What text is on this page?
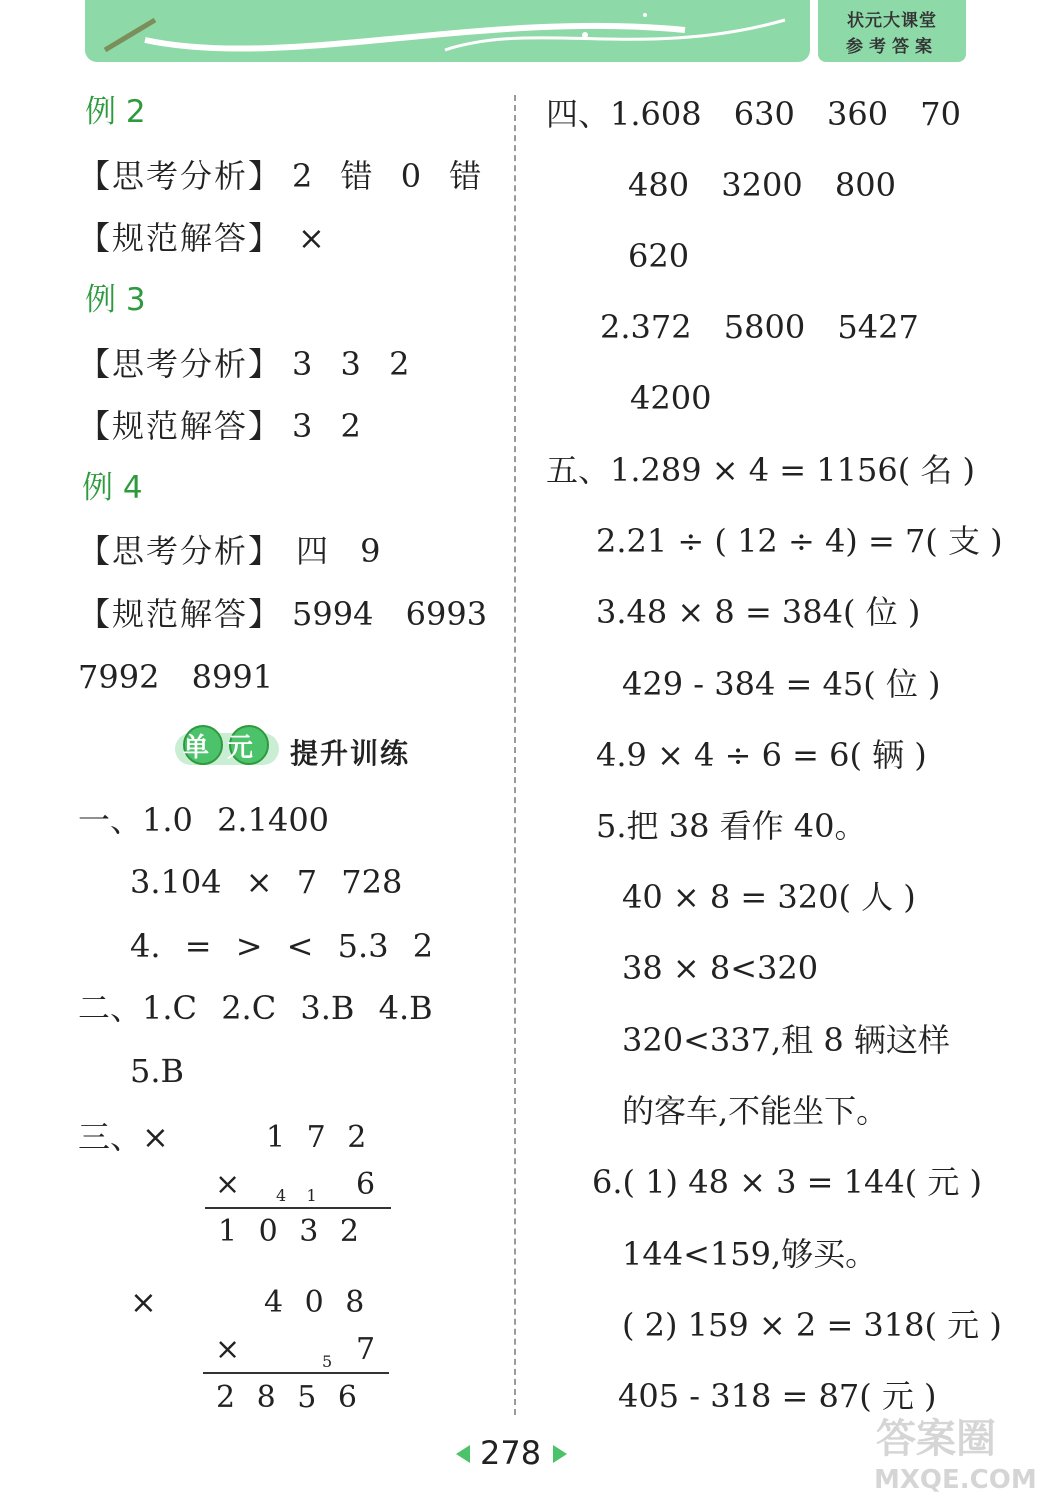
状元大课堂
参考答案
例 2
【思考分析】 2 错 0 错
【规范解答】 ×
例 3
【思考分析】 3 3 2
【规范解答】 3 2
例 4
【思考分析】 四 9
【规范解答】 5994 6993
7992 8991
单元 提升训练
一、1.0 2.1400
3.104 × 7 728
4. = > < 5.3 2
二、1.C 2.C 3.B 4.B
5.B
三、×	1 7 2
× 4    1 6
1 0 3 2
×	4 0 8
×	5 7
2 8 5 6
四、1.608 630 360 70
480 3200 800
620
2.372 5800 5427
4200
五、1.289 × 4 = 1156( 名 )
2.21 ÷ ( 12 ÷ 4) = 7( 支 )
3.48 × 8 = 384( 位 )
429 - 384 = 45( 位 )
4.9 × 4 ÷ 6 = 6( 辆 )
5.把 38 看作 40。
40 × 8 = 320( 人 )
38 × 8<320
320<337,租 8 辆这样
的客车,不能坐下。
6.( 1) 48 × 3 = 144( 元 )
144<159,够买。
( 2) 159 × 2 = 318( 元 )
405 - 318 = 87( 元 )
278	答案圈
MXQE.COM
